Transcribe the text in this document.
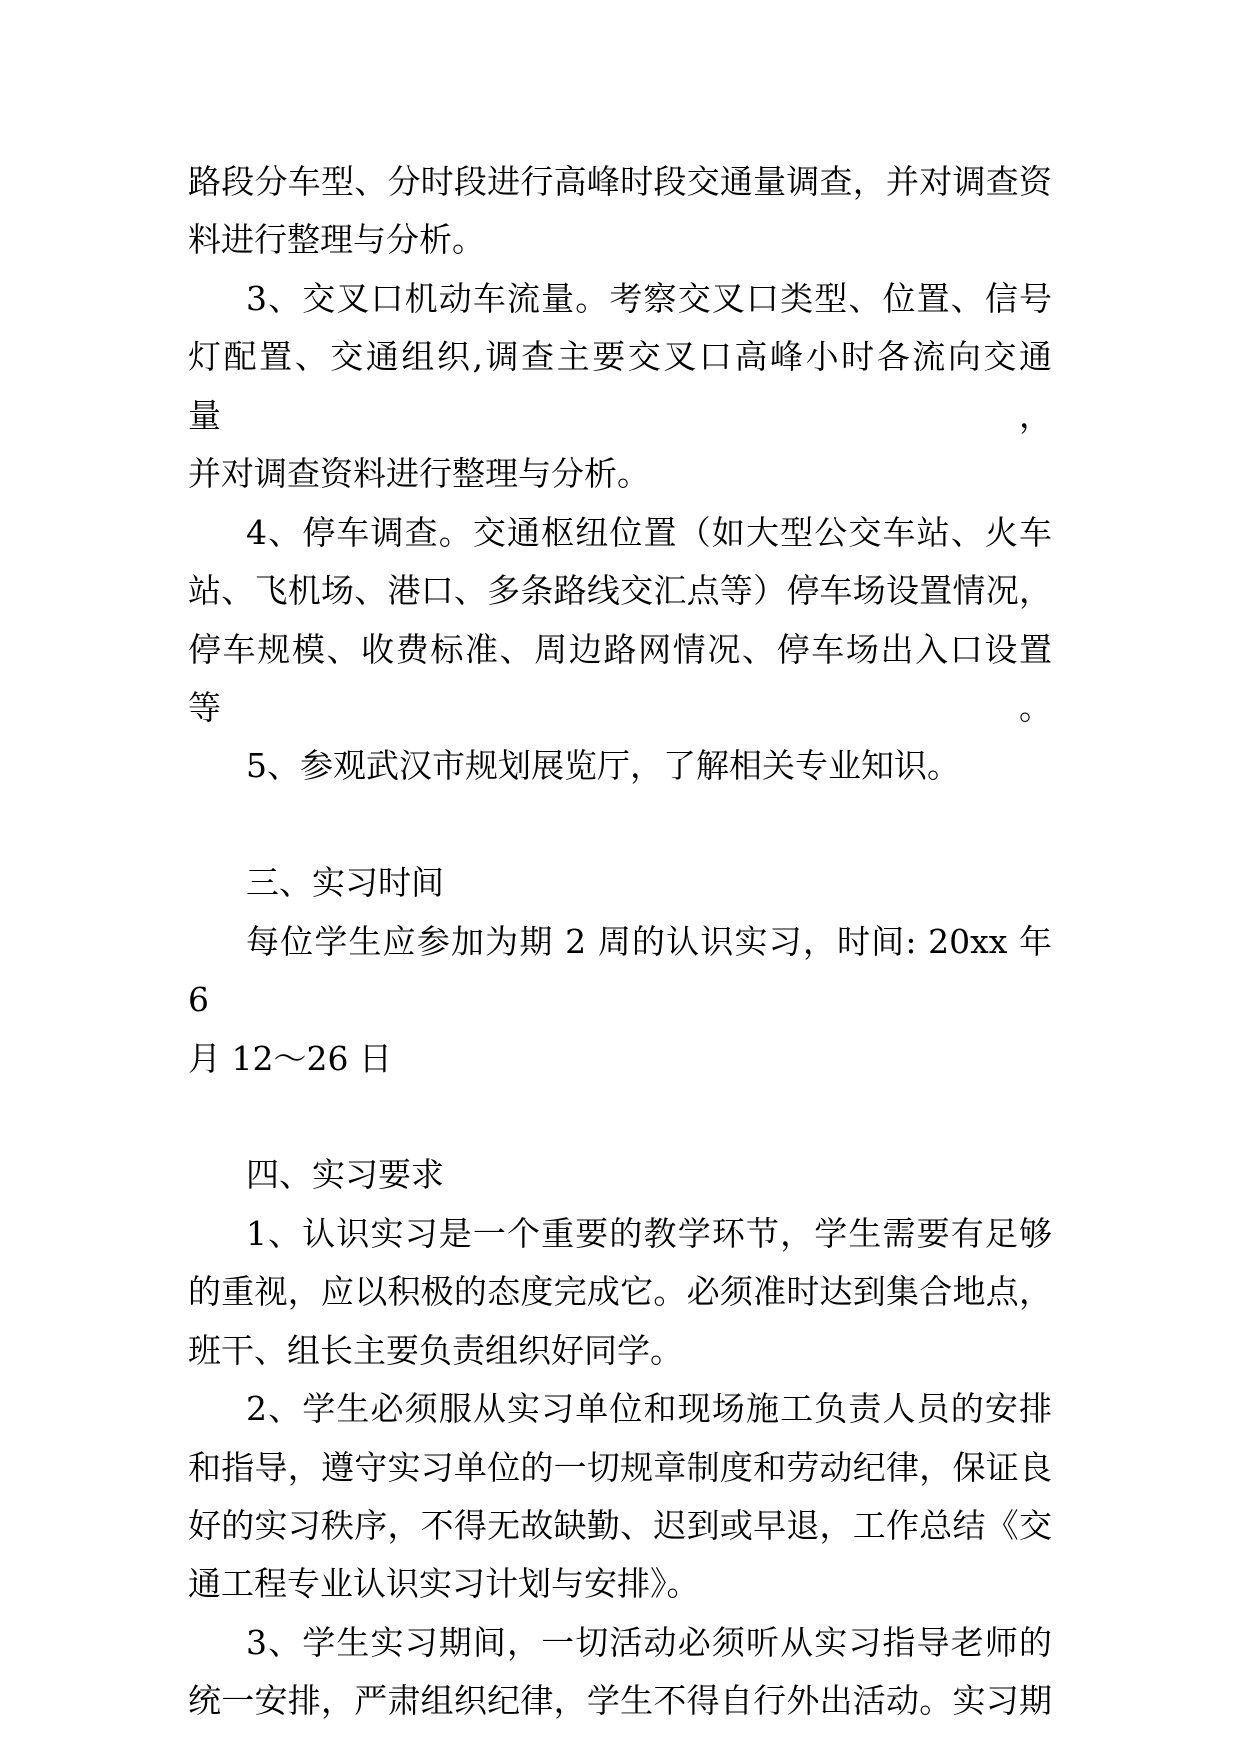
路段分车型、分时段进行高峰时段交通量调查，并对调查资
料进行整理与分析。
3、交叉口机动车流量。考察交叉口类型、位置、信号
灯配置、交通组织,调查主要交叉口高峰小时各流向交通量，
并对调查资料进行整理与分析。
4、停车调查。交通枢纽位置（如大型公交车站、火车
站、飞机场、港口、多条路线交汇点等）停车场设置情况，
停车规模、收费标准、周边路网情况、停车场出入口设置等。
5、参观武汉市规划展览厅，了解相关专业知识。
三、实习时间
每位学生应参加为期 2 周的认识实习，时间: 20xx 年 6
月 12～26 日
四、实习要求
1、认识实习是一个重要的教学环节，学生需要有足够
的重视，应以积极的态度完成它。必须准时达到集合地点，
班干、组长主要负责组织好同学。
2、学生必须服从实习单位和现场施工负责人员的安排
和指导，遵守实习单位的一切规章制度和劳动纪律，保证良
好的实习秩序，不得无故缺勤、迟到或早退，工作总结《交
通工程专业认识实习计划与安排》。
3、学生实习期间，一切活动必须听从实习指导老师的
统一安排，严肃组织纪律，学生不得自行外出活动。实习期
